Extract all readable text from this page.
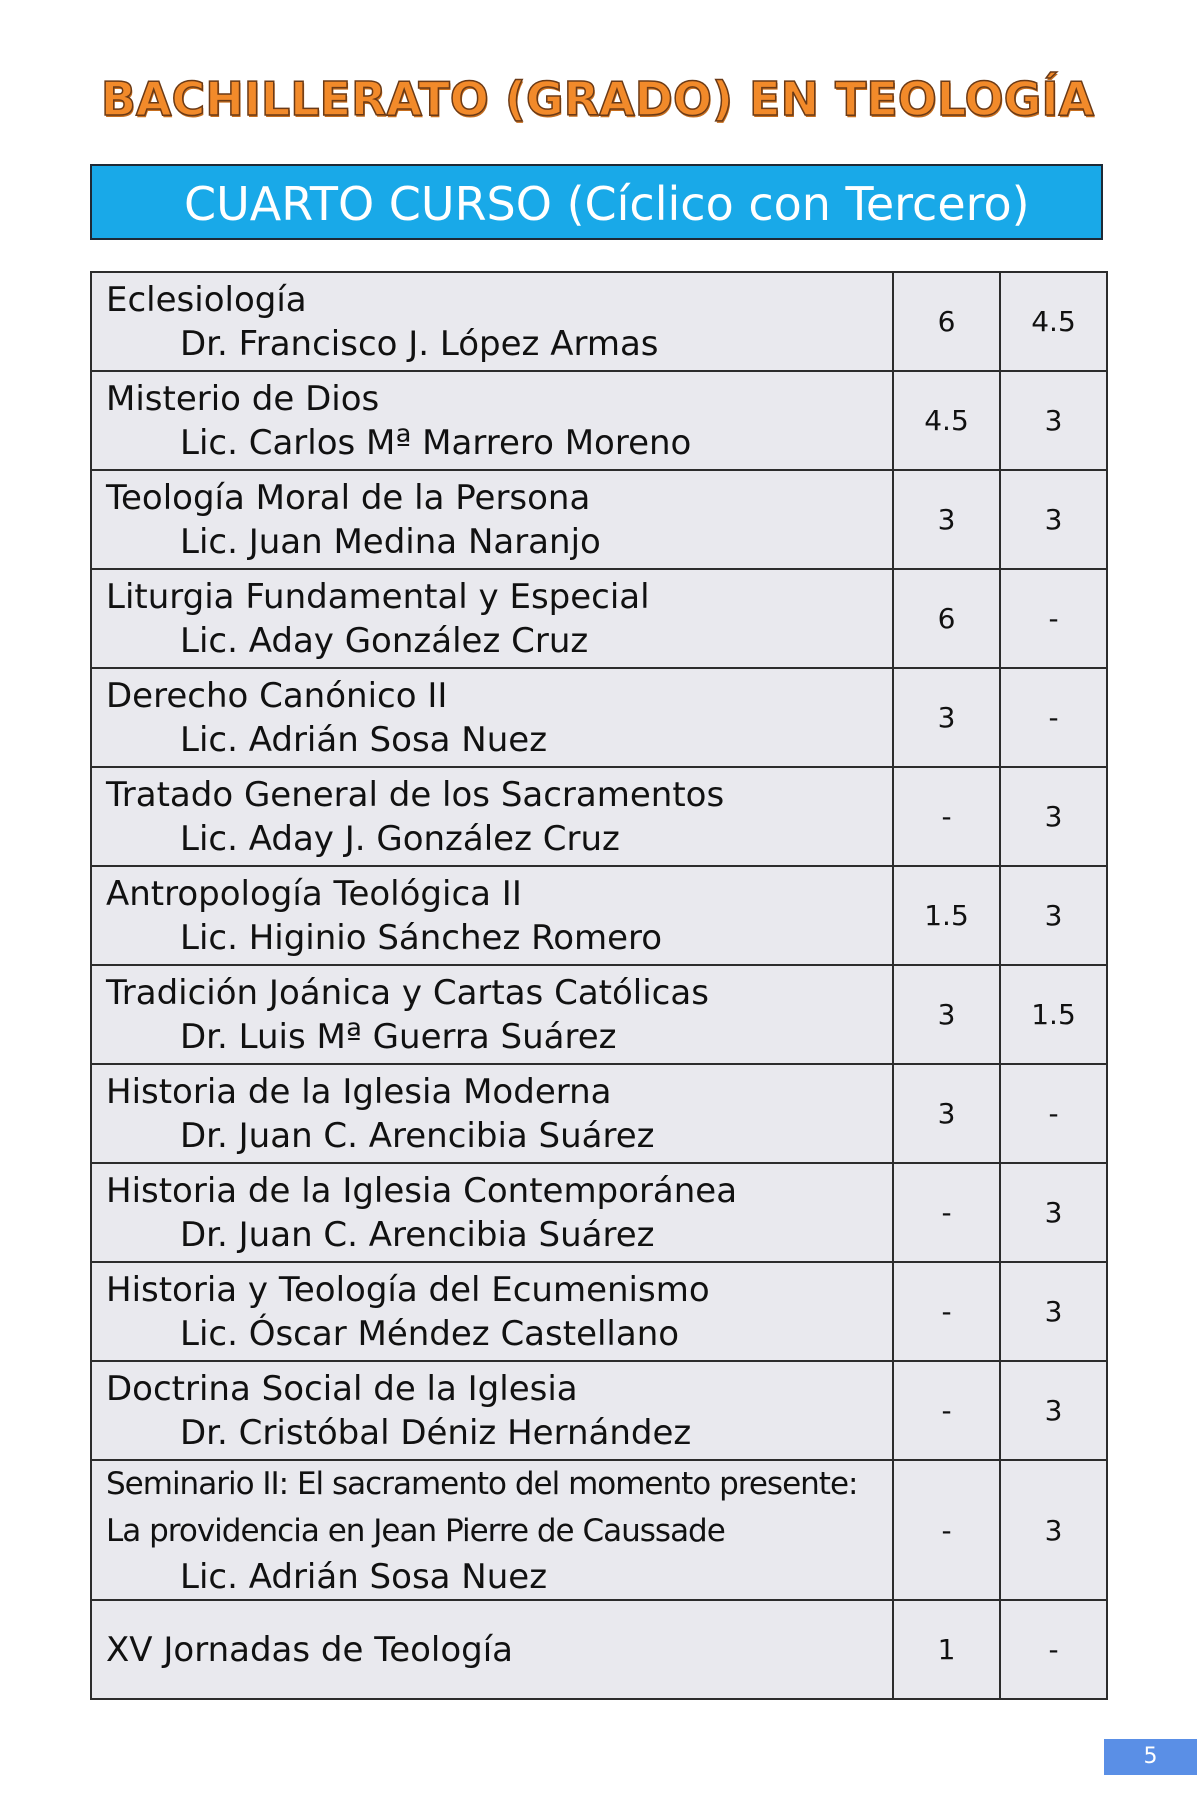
BACHILLERATO (GRADO) EN TEOLOGÍA
CUARTO CURSO (Cíclico con Tercero)
Eclesiología
Dr. Francisco J. López Armas	6	4.5

Misterio de Dios
Lic. Carlos Mª Marrero Moreno	4.5	3

Teología Moral de la Persona
Lic. Juan Medina Naranjo	3	3

Liturgia Fundamental y Especial
Lic. Aday González Cruz	6	-

Derecho Canónico II
Lic. Adrián Sosa Nuez	3	-

Tratado General de los Sacramentos
Lic. Aday J. González Cruz	-	3

Antropología Teológica II
Lic. Higinio Sánchez Romero	1.5	3

Tradición Joánica y Cartas Católicas
Dr. Luis Mª Guerra Suárez	3	1.5

Historia de la Iglesia Moderna
Dr. Juan C. Arencibia Suárez	3	-

Historia de la Iglesia Contemporánea
Dr. Juan C. Arencibia Suárez	-	3

Historia y Teología del Ecumenismo
Lic. Óscar Méndez Castellano	-	3

Doctrina Social de la Iglesia
Dr. Cristóbal Déniz Hernández	-	3

Seminario II: El sacramento del momento presente:
La providencia en Jean Pierre de Caussade
Lic. Adrián Sosa Nuez	-	3

XV Jornadas de Teología	1	-
5
